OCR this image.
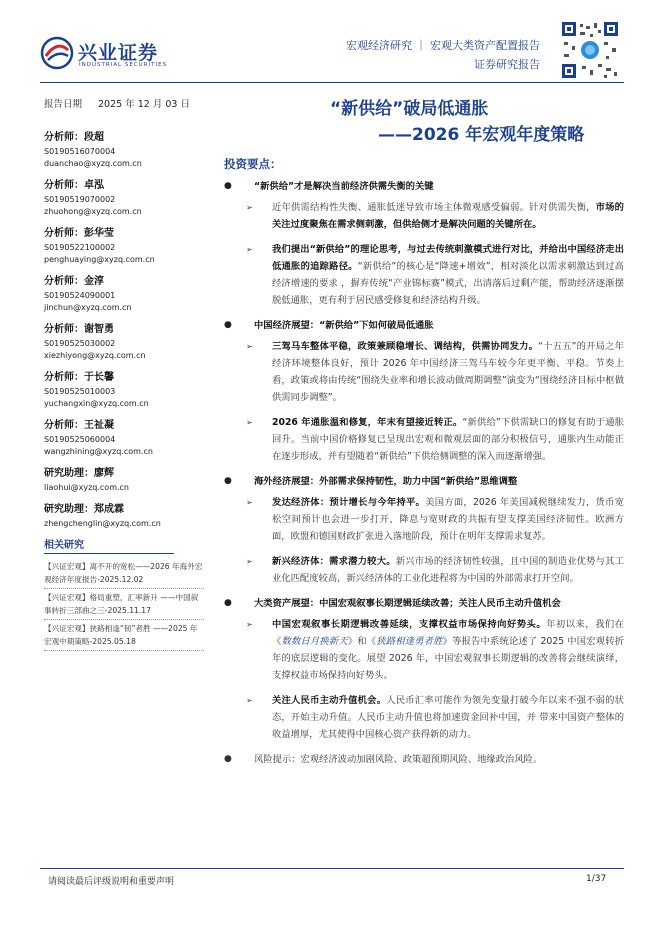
兴业证券
INDUSTRIAL SECURITIES
宏观经济研究 ｜ 宏观大类资产配置报告
证券研究报告
报告日期 2025 年 12 月 03 日
分析师：段超
S0190516070004
duanchao@xyzq.com.cn
分析师：卓泓
S0190519070002
zhuohong@xyzq.com.cn
分析师：彭华莹
S0190522100002
penghuaying@xyzq.com.cn
分析师：金淳
S0190524090001
jinchun@xyzq.com.cn
分析师：谢智勇
S0190525030002
xiezhiyong@xyzq.com.cn
分析师：于长馨
S0190525010003
yuchangxin@xyzq.com.cn
分析师：王祉凝
S0190525060004
wangzhining@xyzq.com.cn
研究助理：廖辉
liaohui@xyzq.com.cn
研究助理：郑成霖
zhengchenglin@xyzq.com.cn
相关研究
【兴证宏观】离不开的宽松——2026 年海外宏观经济年度报告-2025.12.02
【兴证宏观】格局重塑，汇率新升 ——中国叙事转折三部曲之三-2025.11.17
【兴证宏观】狭路相逢“韧”者胜 ——2025 年宏观中期策略-2025.05.18
“新供给”破局低通胀
——2026 年宏观年度策略
投资要点：
● “新供给”才是解决当前经济供需失衡的关键
➢ 近年供需结构性失衡、通胀低迷导致市场主体微观感受偏弱。针对供需失衡，市场的关注过度聚焦在需求侧刺激，但供给侧才是解决问题的关键所在。
➢ 我们提出“新供给”的理论思考，与过去传统刺激模式进行对比，并给出中国经济走出低通胀的追踪路径。“新供给”的核心是“降速+增效”，相对淡化以需求刺激达到过高经济增速的要求 ，摒弃传统“产业锦标赛”模式，出清落后过剩产能，帮助经济逐渐摆脱低通胀，更有利于居民感受修复和经济结构升级。
● 中国经济展望：“新供给”下如何破局低通胀
➢ 三驾马车整体平稳，政策兼顾稳增长、调结构，供需协同发力。“十五五”的开局之年经济环境整体良好，预计 2026 年中国经济三驾马车较今年更平衡、平稳。节奏上看，政策或将由传统“围绕失业率和增长波动做周期调整”演变为“围绕经济目标中枢做供需同步调整”。
➢ 2026 年通胀温和修复，年末有望接近转正。“新供给”下供需缺口的修复有助于通胀回升。当前中国价格修复已呈现出宏观和微观层面的部分积极信号，通胀内生动能正在逐步形成，并有望随着“新供给”下供给侧调整的深入而逐渐增强。
● 海外经济展望：外部需求保持韧性，助力中国“新供给”思维调整
➢ 发达经济体：预计增长与今年持平。美国方面，2026 年美国减税继续发力，货币宽松空间预计也会进一步打开，降息与宽财政的共振有望支撑美国经济韧性。欧洲方面，欧盟和德国财政扩张进入落地阶段，预计在明年支撑需求复苏。
➢ 新兴经济体：需求潜力较大。新兴市场的经济韧性较强，且中国的制造业优势与其工业化匹配度较高，新兴经济体的工业化进程将为中国的外部需求打开空间。
● 大类资产展望：中国宏观叙事长期逻辑延续改善；关注人民币主动升值机会
➢ 中国宏观叙事长期逻辑改善延续，支撑权益市场保持向好势头。年初以来，我们在《数数日月换新天》和《狭路相逢勇者胜》等报告中系统论述了 2025 中国宏观转折年的底层逻辑的变化。展望 2026 年，中国宏观叙事长期逻辑的改善将会继续演绎，支撑权益市场保持向好势头。
➢ 关注人民币主动升值机会。人民币汇率可能作为领先变量打破今年以来不强不弱的状态，开始主动升值。人民币主动升值也将加速资金回补中国，并 带来中国资产整体的收益增厚，尤其使得中国核心资产获得新的动力。
● 风险提示：宏观经济波动加剧风险、政策超预期风险、地缘政治风险。
请阅读最后评级说明和重要声明	1/37
